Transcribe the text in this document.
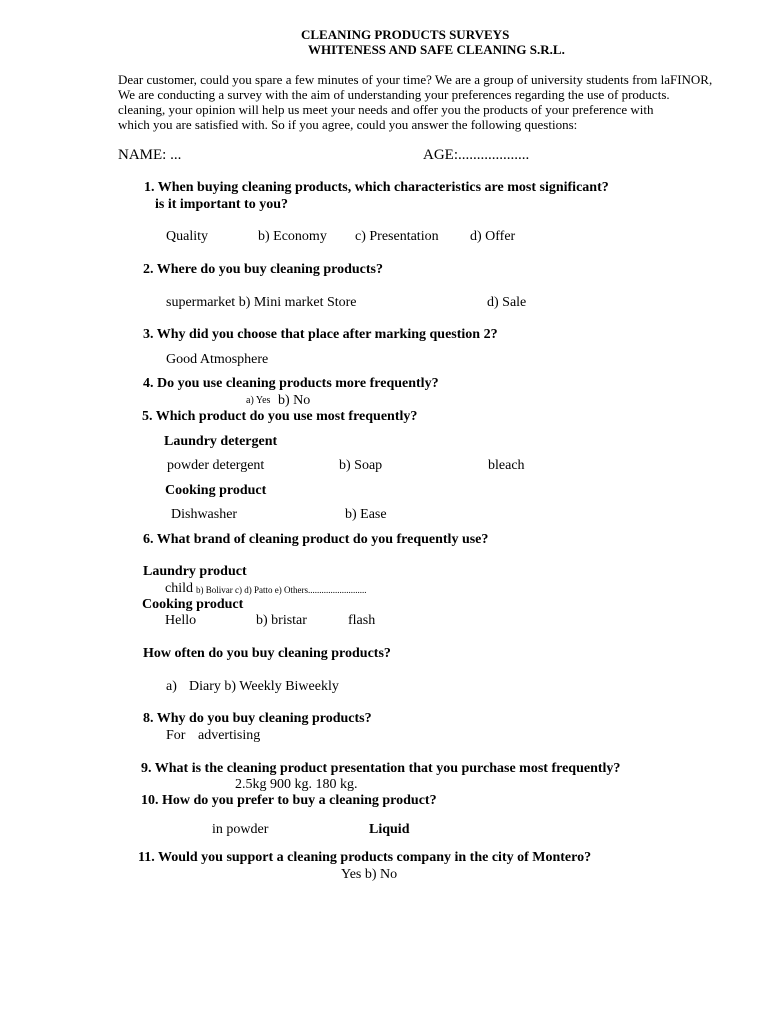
CLEANING PRODUCTS SURVEYS
WHITENESS AND SAFE CLEANING S.R.L.
Dear customer, could you spare a few minutes of your time? We are a group of university students from laFINOR,
We are conducting a survey with the aim of understanding your preferences regarding the use of products.
cleaning, your opinion will help us meet your needs and offer you the products of your preference with
which you are satisfied with. So if you agree, could you answer the following questions:
NAME: ...	AGE:...................
1. When buying cleaning products, which characteristics are most significant?
is it important to you?
Quality	b) Economy c) Presentation d) Offer
2. Where do you buy cleaning products?
supermarket b) Mini market Store	d) Sale
3. Why did you choose that place after marking question 2?
Good Atmosphere
4. Do you use cleaning products more frequently?
a) Yes b) No
5. Which product do you use most frequently?
Laundry detergent
powder detergent	b) Soap	bleach
Cooking product
Dishwasher	b) Ease
6. What brand of cleaning product do you frequently use?
Laundry product
child b) Bolivar c) d) Patto e) Others..........................
Cooking product
Hello	b) bristar	flash
How often do you buy cleaning products?
a) Diary b) Weekly Biweekly
8. Why do you buy cleaning products?
For advertising
9. What is the cleaning product presentation that you purchase most frequently?
2.5kg 900 kg. 180 kg.
10. How do you prefer to buy a cleaning product?
in powder	Liquid
11. Would you support a cleaning products company in the city of Montero?
Yes b) No
